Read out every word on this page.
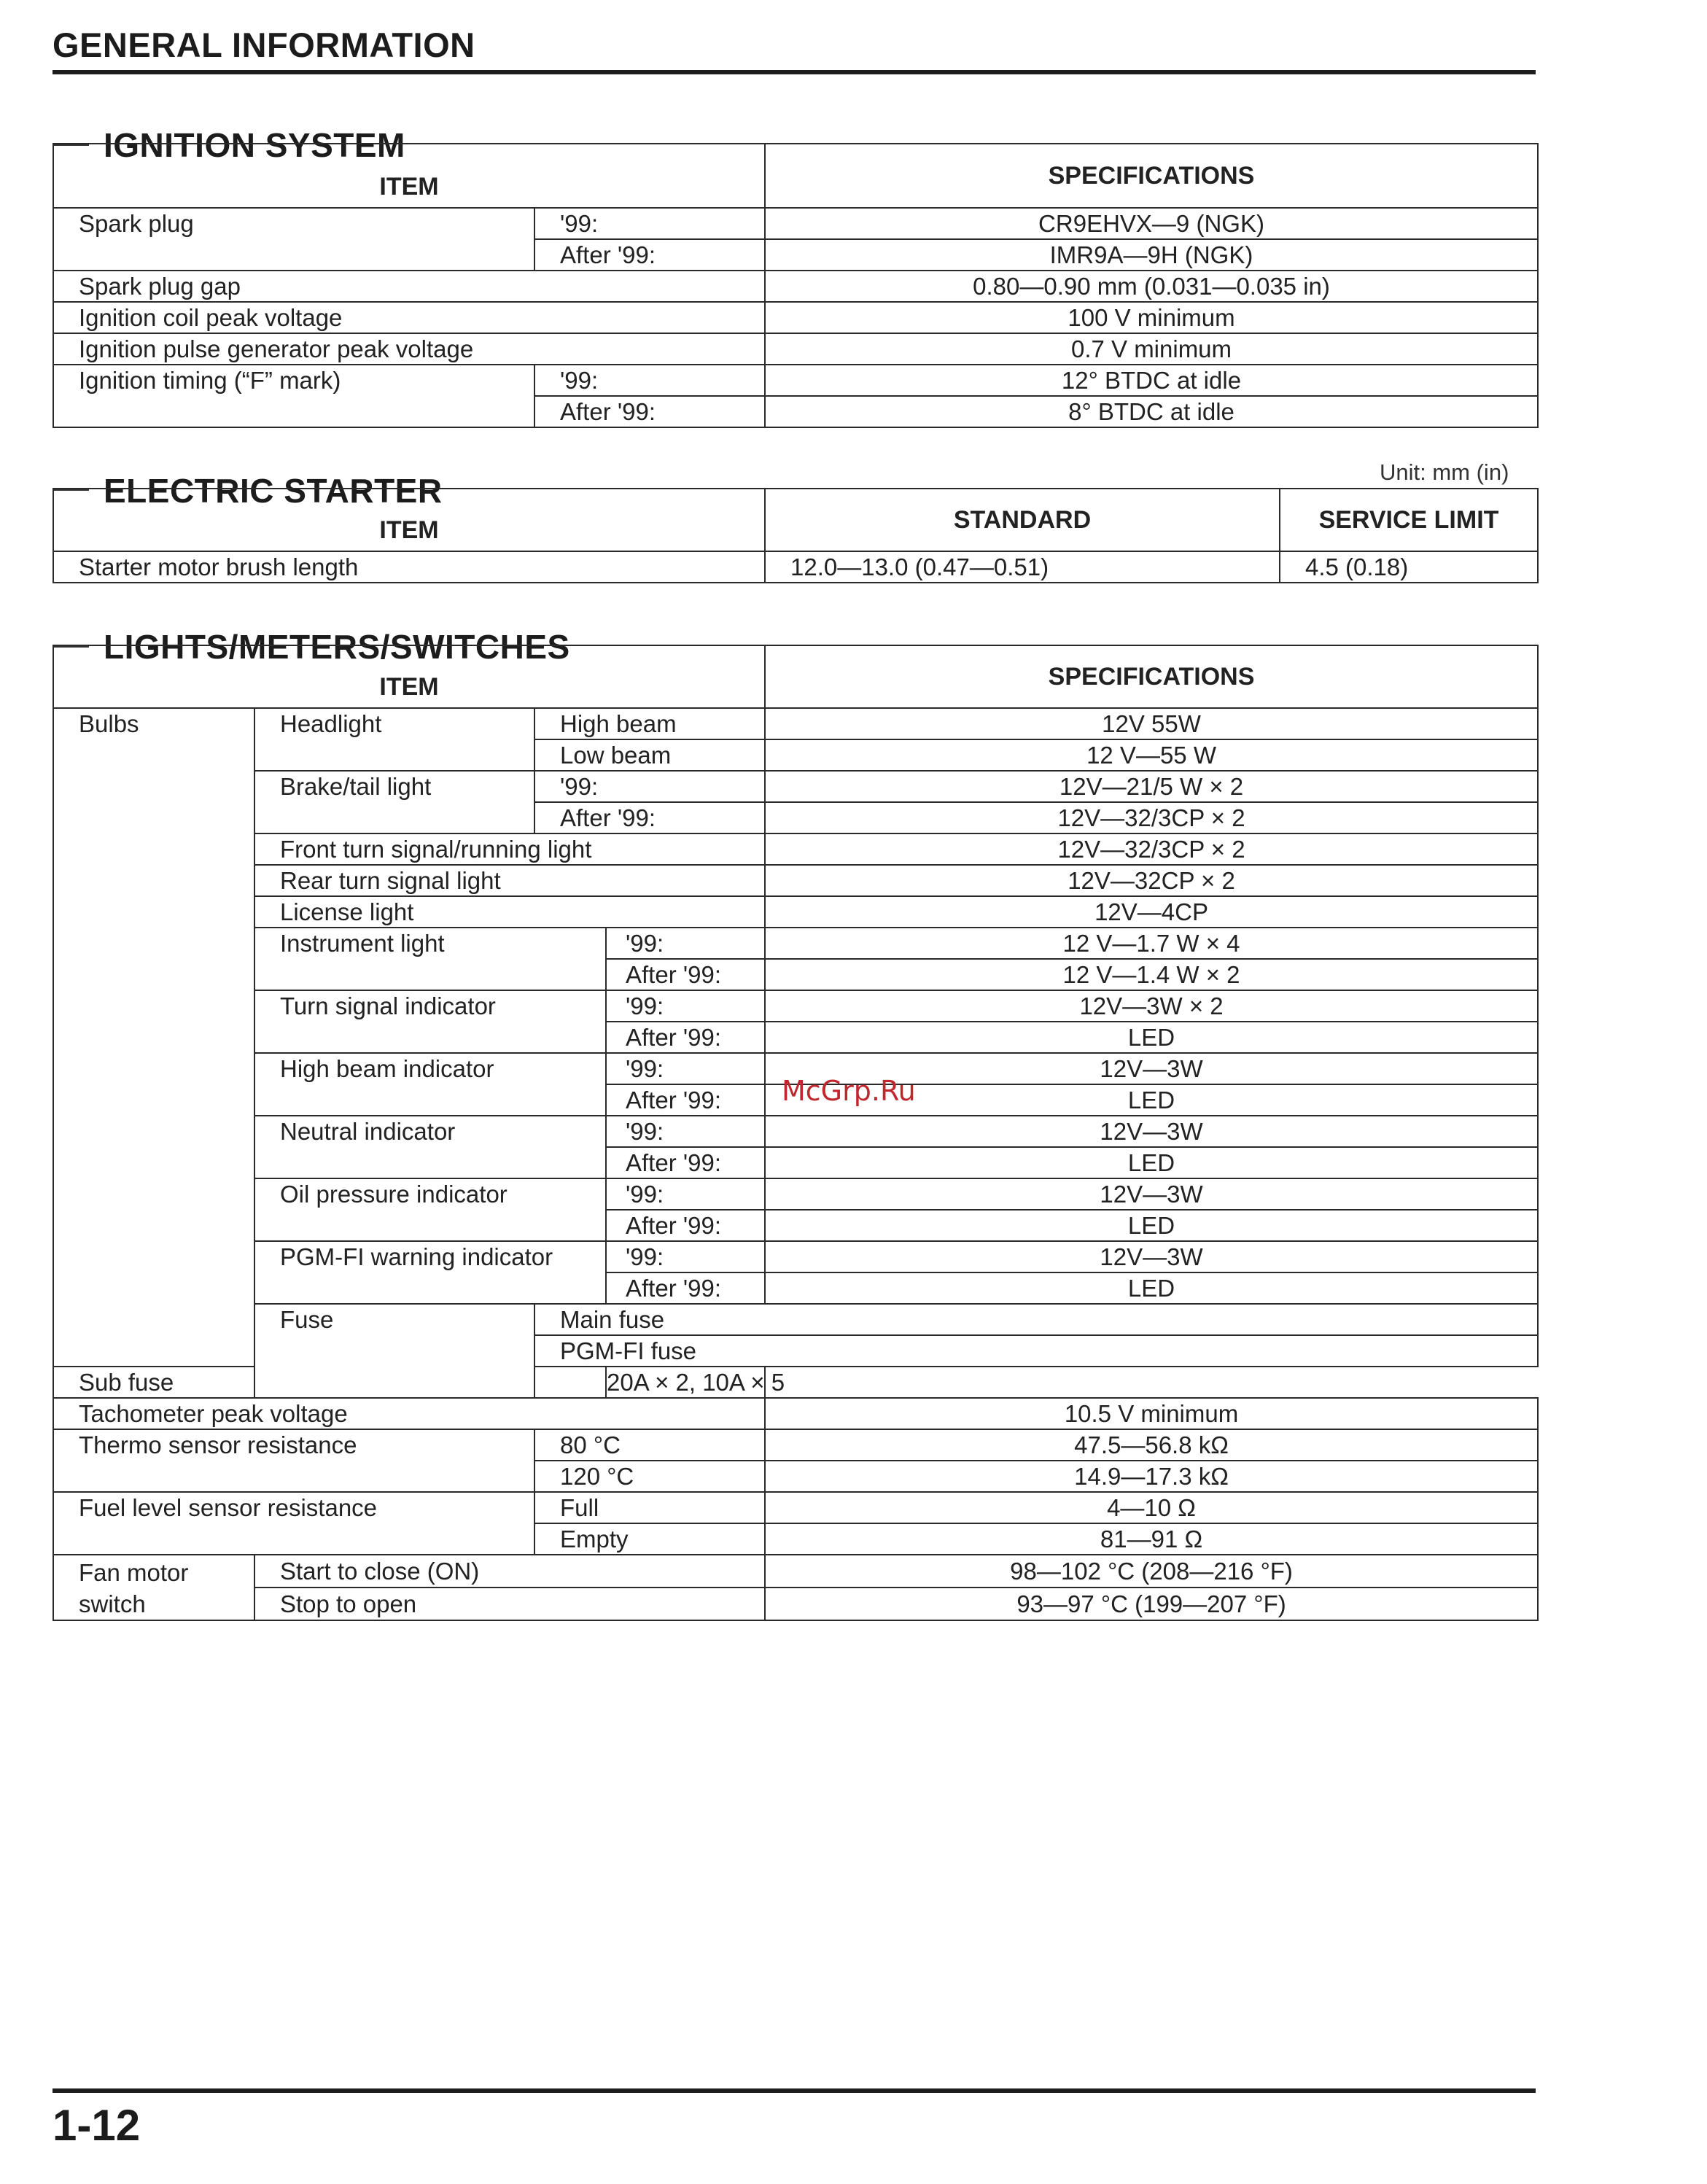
GENERAL INFORMATION
IGNITION SYSTEM
ITEM		SPECIFICATIONS
Spark plug	'99:	CR9EHVX—9 (NGK)
	After '99:	IMR9A—9H (NGK)
Spark plug gap		0.80—0.90 mm (0.031—0.035 in)
Ignition coil peak voltage		100 V minimum
Ignition pulse generator peak voltage		0.7 V minimum
Ignition timing (“F” mark)	'99:	12° BTDC at idle
	After '99:	8° BTDC at idle
Unit: mm (in)
ELECTRIC STARTER
ITEM	STANDARD	SERVICE LIMIT
Starter motor brush length	12.0—13.0 (0.47—0.51)	4.5 (0.18)
LIGHTS/METERS/SWITCHES
ITEM				SPECIFICATIONS	
Bulbs	Headlight	High beam		12V 55W	
		Low beam		12 V—55 W	
	Brake/tail light	'99:		12V—21/5 W × 2	
		After '99:		12V—32/3CP × 2	
	Front turn signal/running light			12V—32/3CP × 2	
	Rear turn signal light			12V—32CP × 2	
	License light			12V—4CP	
	Instrument light		'99:	12 V—1.7 W × 4	
			After '99:	12 V—1.4 W × 2	
	Turn signal indicator		'99:	12V—3W × 2	
			After '99:	LED	
	High beam indicator		'99:	12V—3W	
			After '99:	LED	
	Neutral indicator		'99:	12V—3W	
			After '99:	LED	
	Oil pressure indicator		'99:	12V—3W	
			After '99:	LED	
	PGM-FI warning indicator		'99:	12V—3W	
			After '99:	LED	
	Fuse	Main fuse	
		PGM-FI fuse	
Sub fuse			20A × 2, 10A × 5		
Tachometer peak voltage				10.5 V minimum	
Thermo sensor resistance		80 °C		47.5—56.8 kΩ	
		120 °C		14.9—17.3 kΩ	
Fuel level sensor resistance		Full		4—10 Ω	
		Empty		81—91 Ω	
Fan motor switch	Start to close (ON)			98—102 °C (208—216 °F)	
	Stop to open			93—97 °C (199—207 °F)	
McGrp.Ru
1-12
